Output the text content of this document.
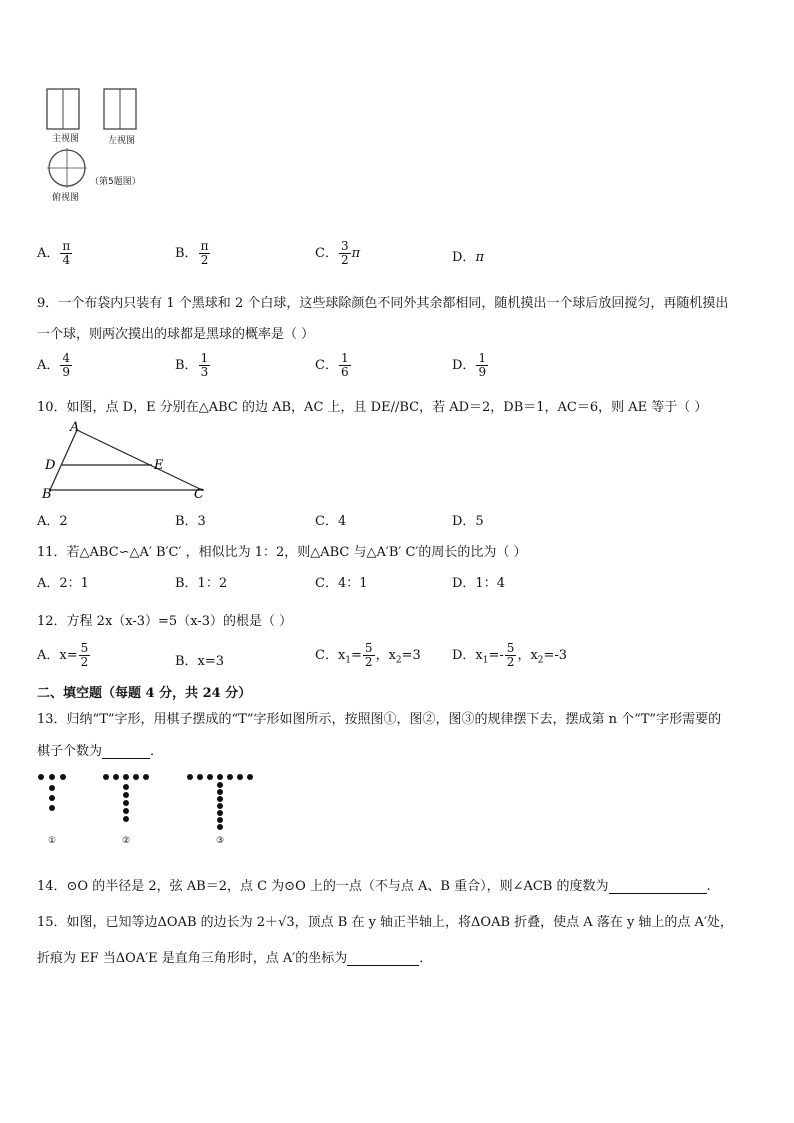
主视图	左视图
（第5题图）
俯视图
A． $\frac{\pi}{4}$	B． $\frac{\pi}{2}$	C． $\frac{3}{2}$ π	D．π
9．一个布袋内只装有 1 个黑球和 2 个白球，这些球除颜色不同外其余都相同，随机摸出一个球后放回搅匀，再随机摸出
一个球，则两次摸出的球都是黑球的概率是（ ）
A． $\frac{4}{9}$	B． $\frac{1}{3}$	C． $\frac{1}{6}$	D． $\frac{1}{9}$
10．如图，点 D，E 分别在△ABC 的边 AB，AC 上，且 DE//BC，若 AD＝2，DB＝1，AC＝6，则 AE 等于（ ）
A
D	E
B	C
A．2	B．3	C．4	D．5
11．若△ABC∽△A′ B′C′ ，相似比为 1：2，则△ABC 与△A′B′ C′的周长的比为（ ）
A．2：1	B．1：2	C．4：1	D．1：4
12．方程 2x（x-3）=5（x-3）的根是（ ）
A．$x= \frac{5}{2}$	B．x=3	C．$x_1= \frac{5}{2}$ ，$x_2=3$ D．$x_1=- \frac{5}{2}$ ，$x_2=-3$
二、填空题（每题 4 分，共 24 分）
13．归纳“T”字形，用棋子摆成的“T”字形如图所示，按照图①，图②，图③的规律摆下去，摆成第 n 个“T”字形需要的
棋子个数为	．
①	②	③
14．⊙O 的半径是 2，弦 AB＝2，点 C 为⊙O 上的一点（不与点 A、B 重合），则∠ACB 的度数为	.
15．如图，已知等边ΔOAB 的边长为 2＋√3，顶点 B 在 y 轴正半轴上，将ΔOAB 折叠，使点 A 落在 y 轴上的点 A′处，
折痕为 EF 当ΔOA′E 是直角三角形时，点 A′的坐标为	．
